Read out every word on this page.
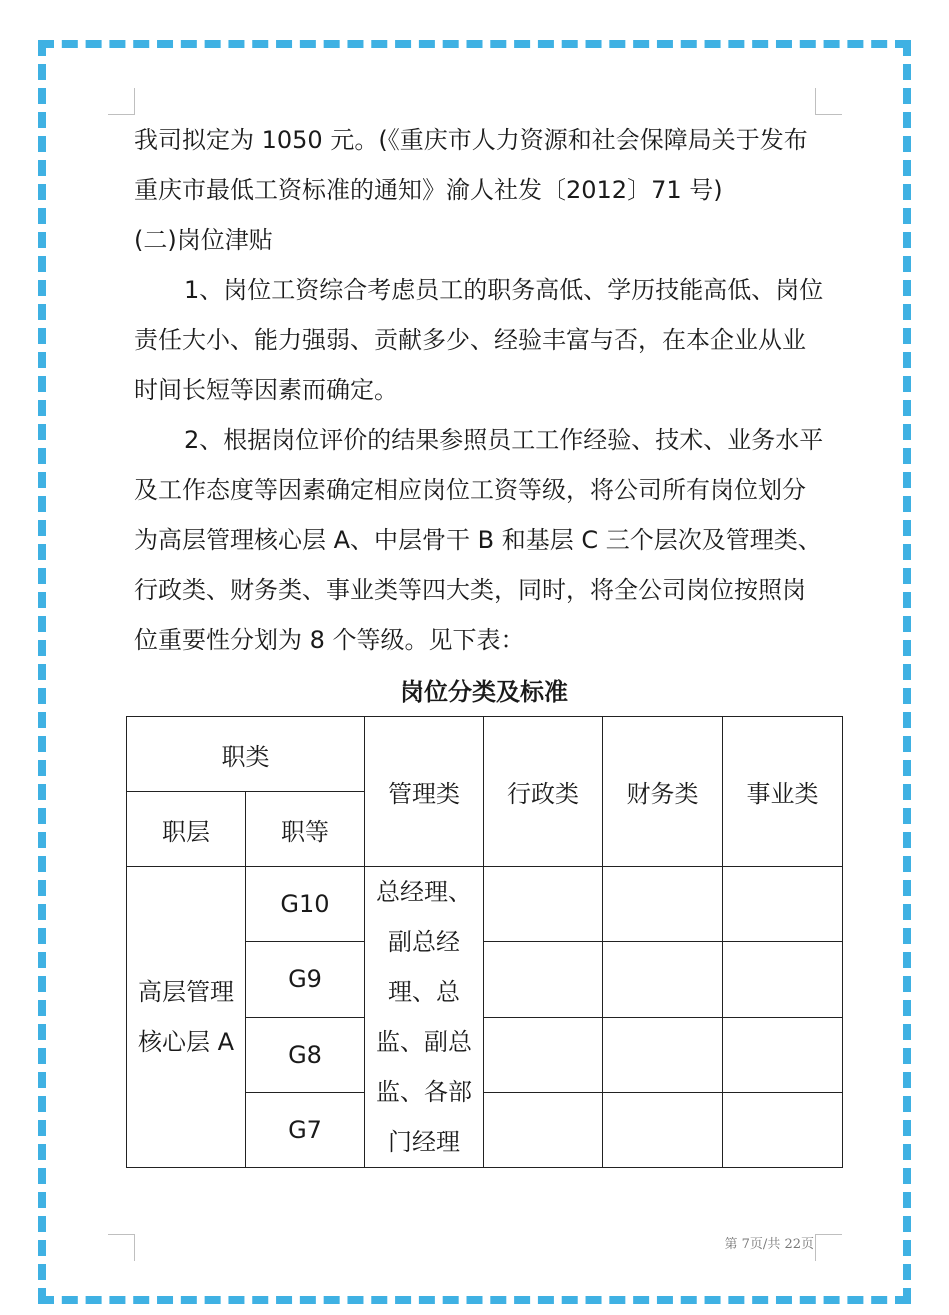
我司拟定为 1050 元。(《重庆市人力资源和社会保障局关于发布重庆市最低工资标准的通知》渝人社发〔2012〕71 号)

(二)岗位津贴

1、岗位工资综合考虑员工的职务高低、学历技能高低、岗位责任大小、能力强弱、贡献多少、经验丰富与否，在本企业从业时间长短等因素而确定。

2、根据岗位评价的结果参照员工工作经验、技术、业务水平及工作态度等因素确定相应岗位工资等级，将公司所有岗位划分为高层管理核心层 A、中层骨干 B 和基层 C 三个层次及管理类、行政类、财务类、事业类等四大类，同时，将全公司岗位按照岗位重要性分划为 8 个等级。见下表：

岗位分类及标准
职类		管理类	行政类	财务类	事业类
职层	职等				
高层管理核心层 A	G10	总经理、副总经理、总监、副总监、各部门经理			
	G9				
	G8				
	G7				
第 7页/共 22页
